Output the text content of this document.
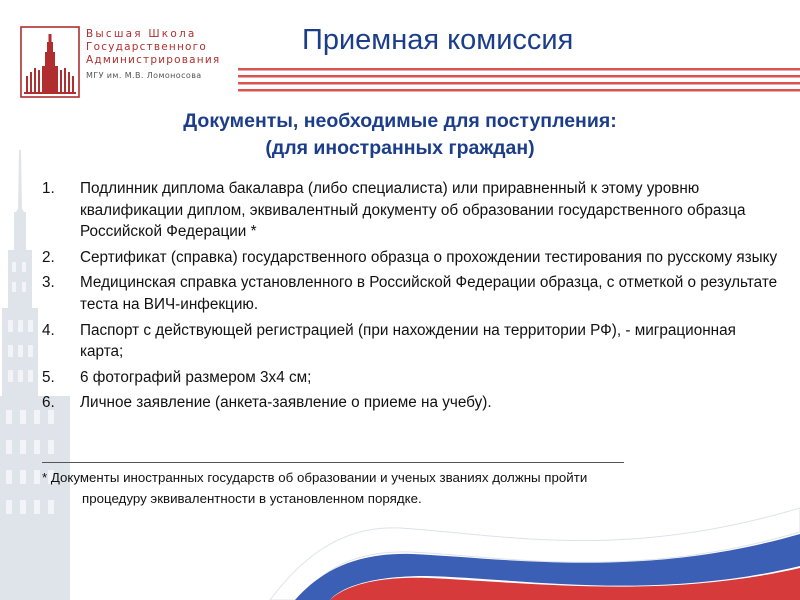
Высшая Школа
Государственного
Администрирования
МГУ им. М.В. Ломоносова
Приемная комиссия
Документы, необходимые для поступления:
(для иностранных граждан)
1. Подлинник диплома бакалавра (либо специалиста) или приравненный к этому уровню квалификации диплом, эквивалентный документу об образовании государственного образца Российской Федерации *
2. Сертификат (справка) государственного образца о прохождении тестирования по русскому языку
3. Медицинская справка установленного в Российской Федерации образца, с отметкой о результате теста на ВИЧ-инфекцию.
4. Паспорт с действующей регистрацией (при нахождении на территории РФ), - миграционная карта;
5. 6 фотографий размером 3х4 см;
6. Личное заявление (анкета-заявление о приеме на учебу).
* Документы иностранных государств об образовании и ученых званиях должны пройти
процедуру эквивалентности в установленном порядке.
